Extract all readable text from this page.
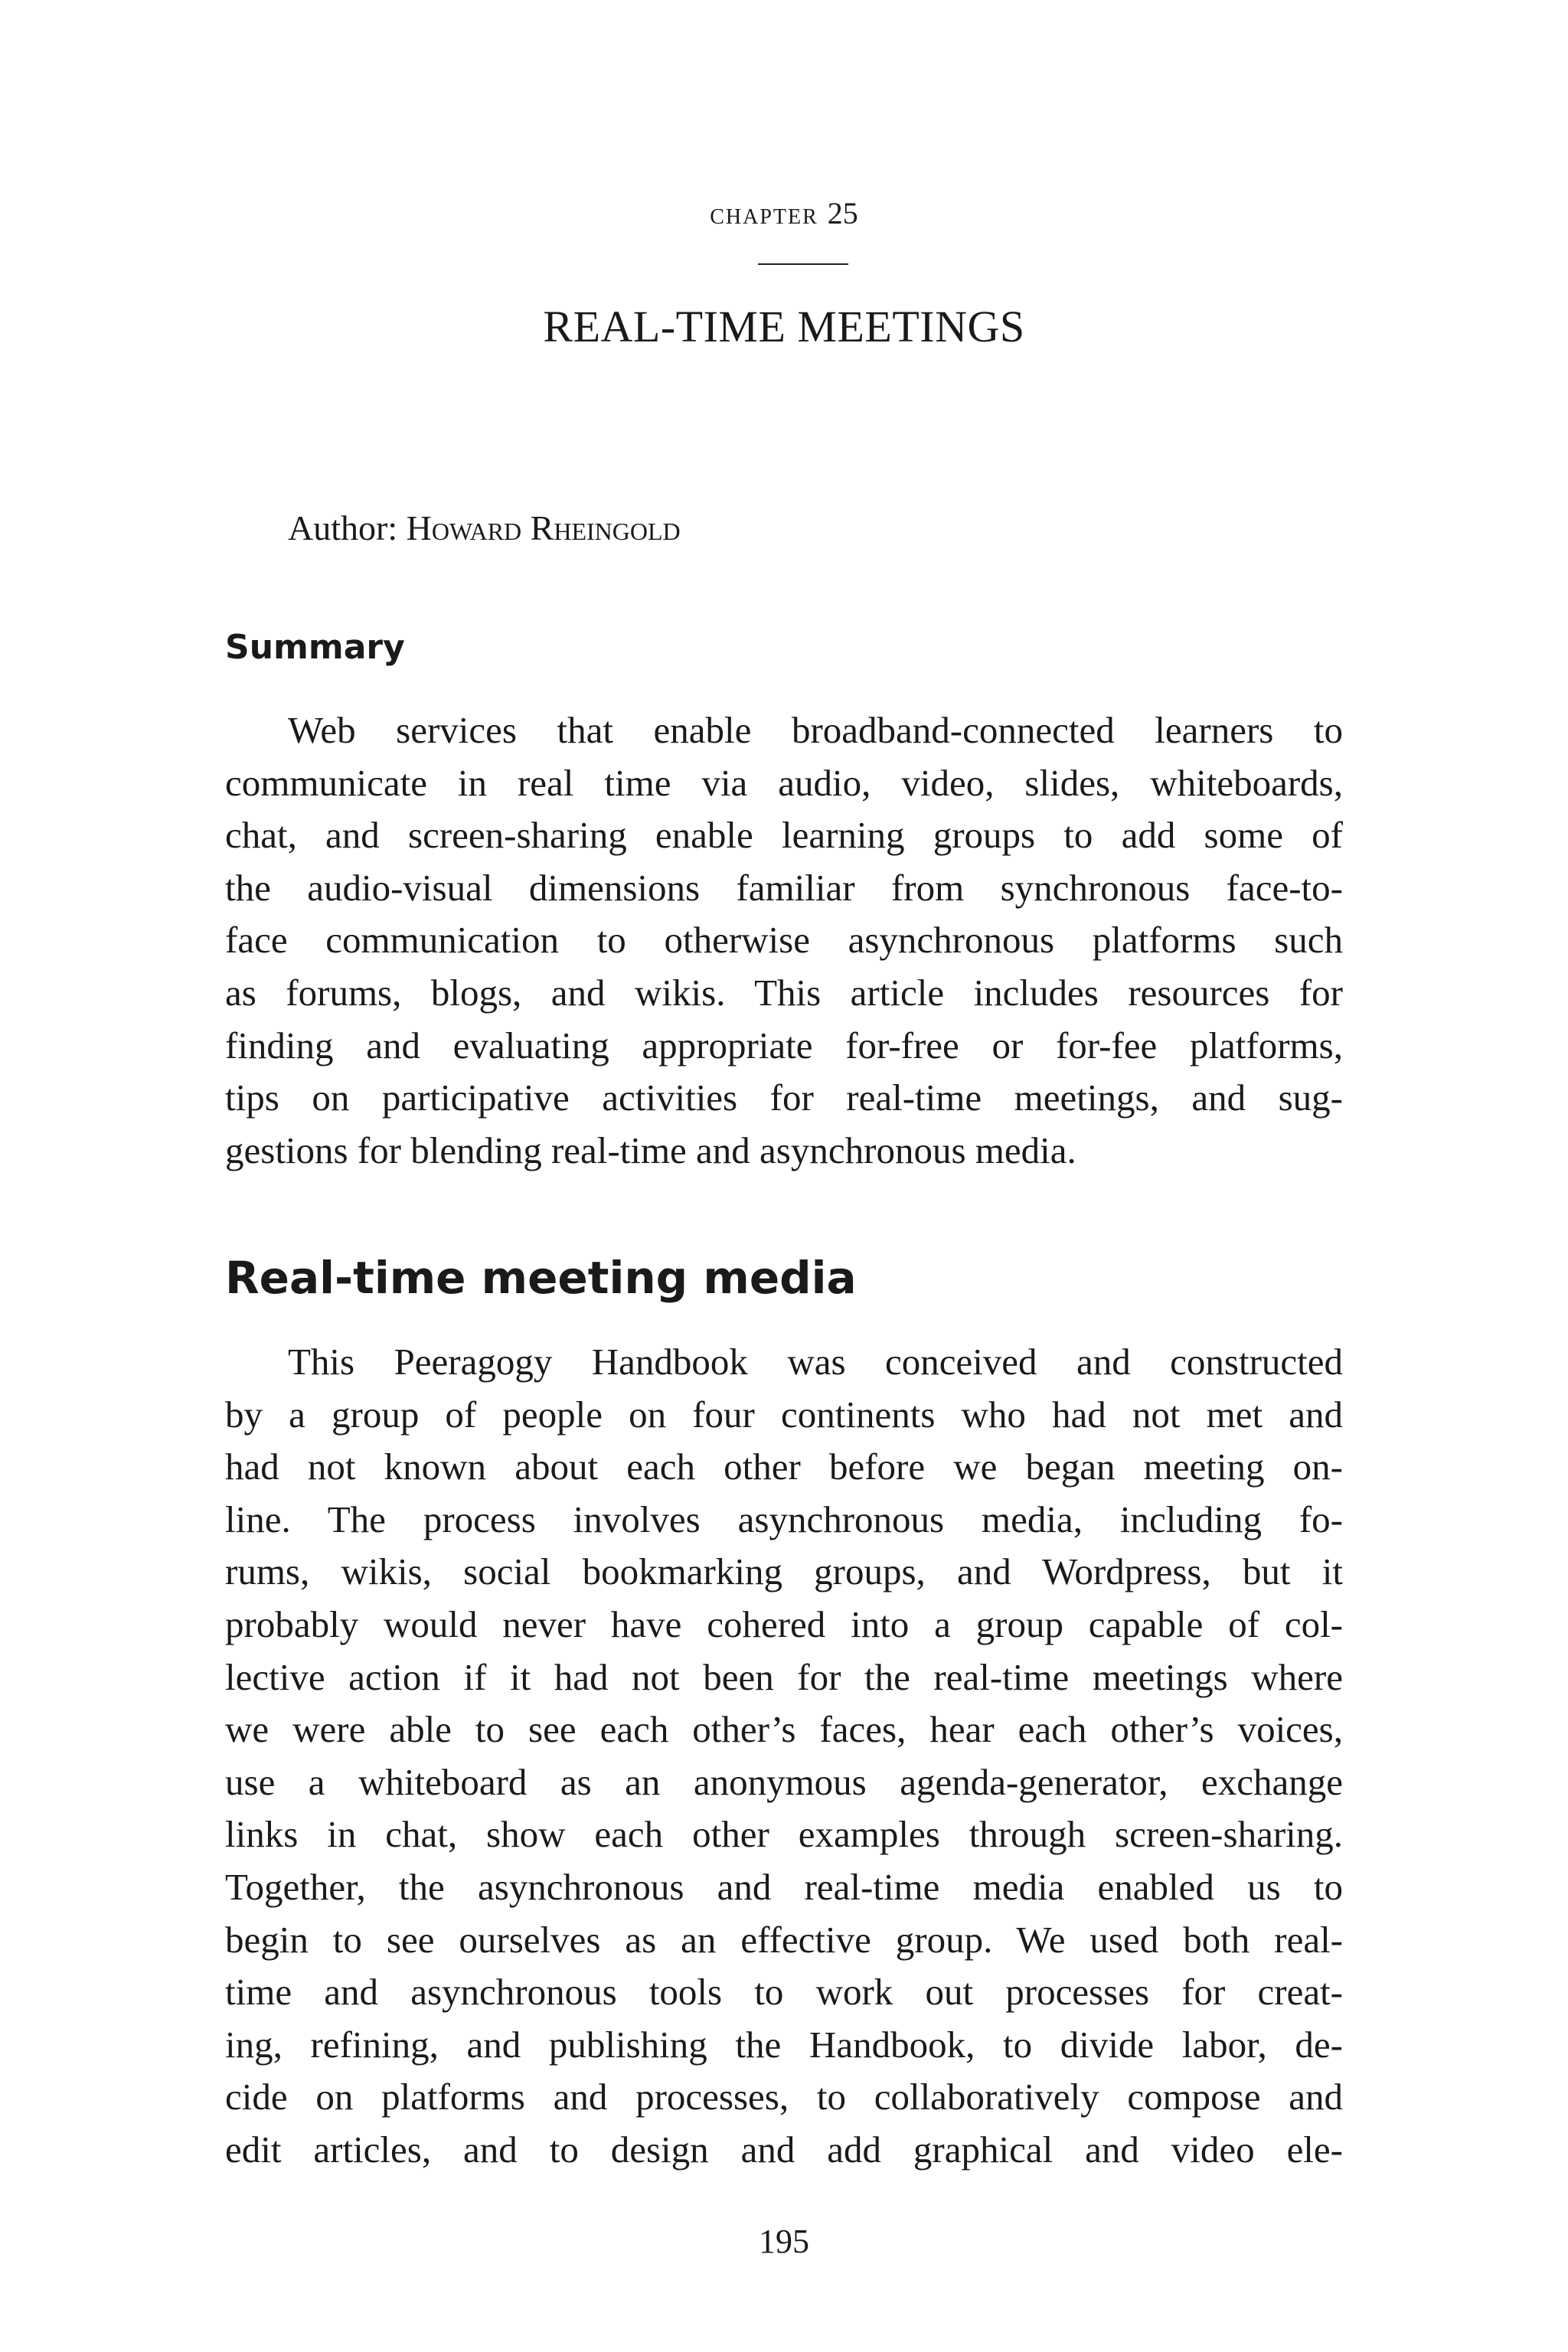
chapter 25
REAL-TIME MEETINGS
Author: Howard Rheingold
Summary
Web services that enable broadband-connected learners to
communicate in real time via audio, video, slides, whiteboards,
chat, and screen-sharing enable learning groups to add some of
the audio-visual dimensions familiar from synchronous face-to-
face communication to otherwise asynchronous platforms such
as forums, blogs, and wikis. This article includes resources for
finding and evaluating appropriate for-free or for-fee platforms,
tips on participative activities for real-time meetings, and sug-
gestions for blending real-time and asynchronous media.
Real-time meeting media
This Peeragogy Handbook was conceived and constructed
by a group of people on four continents who had not met and
had not known about each other before we began meeting on-
line. The process involves asynchronous media, including fo-
rums, wikis, social bookmarking groups, and Wordpress, but it
probably would never have cohered into a group capable of col-
lective action if it had not been for the real-time meetings where
we were able to see each other’s faces, hear each other’s voices,
use a whiteboard as an anonymous agenda-generator, exchange
links in chat, show each other examples through screen-sharing.
Together, the asynchronous and real-time media enabled us to
begin to see ourselves as an effective group. We used both real-
time and asynchronous tools to work out processes for creat-
ing, refining, and publishing the Handbook, to divide labor, de-
cide on platforms and processes, to collaboratively compose and
edit articles, and to design and add graphical and video ele-
195
